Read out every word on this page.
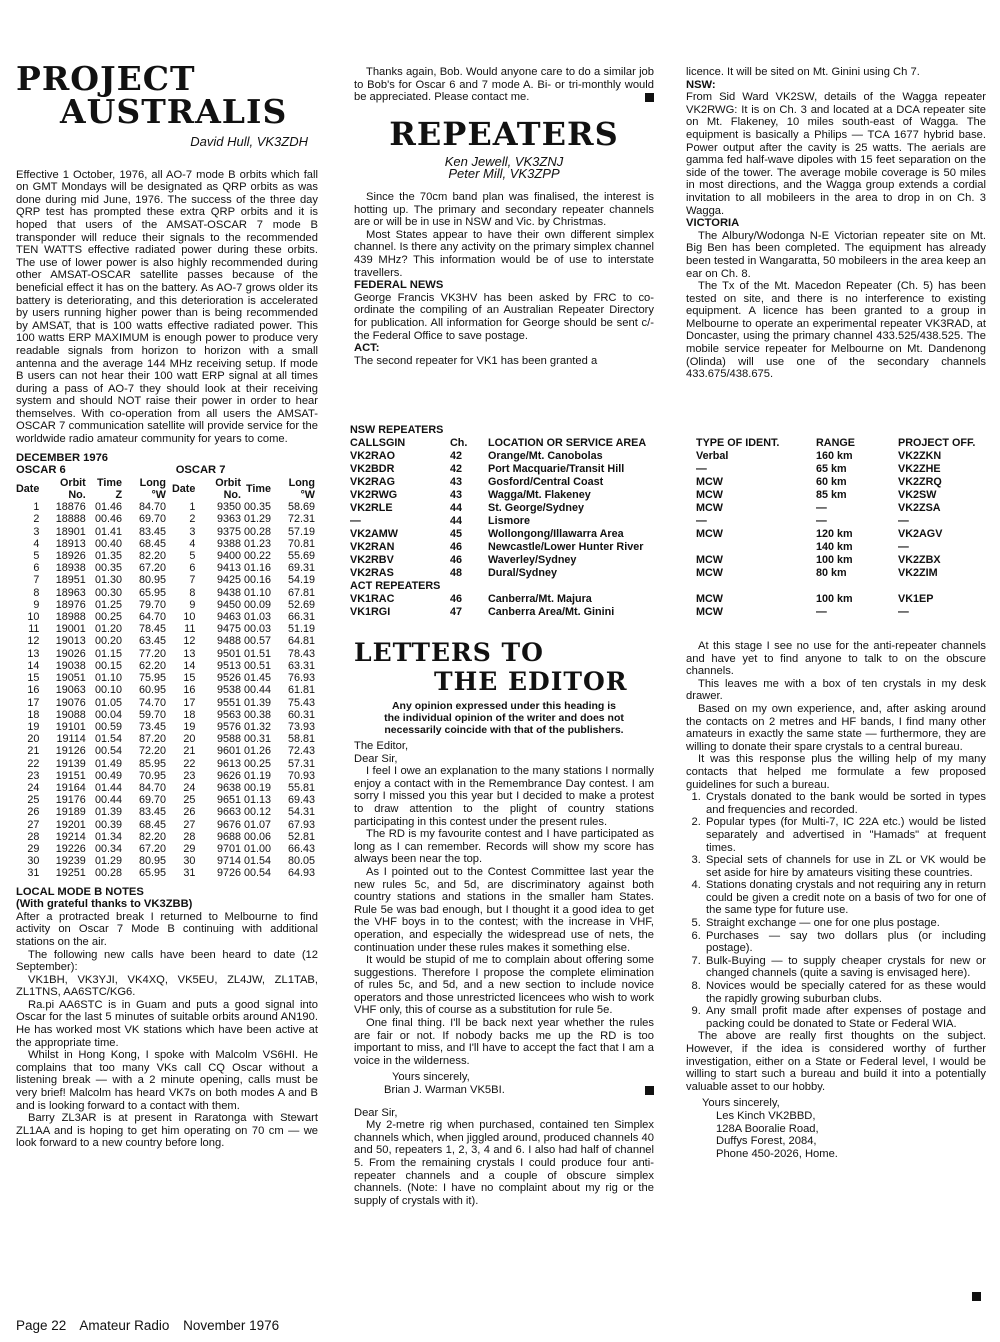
PROJECT
AUSTRALIS
David Hull, VK3ZDH

Effective 1 October, 1976, all AO-7 mode B orbits which fall on GMT Mondays will be designated as QRP orbits as was done during mid June, 1976. The success of the three day QRP test has prompted these extra QRP orbits and it is hoped that users of the AMSAT-OSCAR 7 mode B transponder will reduce their signals to the recommended TEN WATTS effective radiated power during these orbits. The use of lower power is also highly recommended during other AMSAT-OSCAR satellite passes because of the beneficial effect it has on the battery. As AO-7 grows older its battery is deteriorating, and this deterioration is accelerated by users running higher power than is being recommended by AMSAT, that is 100 watts effective radiated power. This 100 watts ERP MAXIMUM is enough power to produce very readable signals from horizon to horizon with a small antenna and the average 144 MHz receiving setup. If mode B users can not hear their 100 watt ERP signal at all times during a pass of AO-7 they should look at their receiving system and should NOT raise their power in order to hear themselves. With co-operation from all users the AMSAT-OSCAR 7 communication satellite will provide service for the worldwide radio amateur community for years to come.

DECEMBER 1976
OSCAR 6	OSCAR 7
Date	Orbit No.	Time Z	Long °W		Date	Orbit No.	Time	Long °W
1	18876	01.46	84.70		1	9350	00.35	58.69
2	18888	00.46	69.70		2	9363	01.29	72.31
3	18901	01.41	83.45		3	9375	00.28	57.19
4	18913	00.40	68.45		4	9388	01.23	70.81
5	18926	01.35	82.20		5	9400	00.22	55.69
6	18938	00.35	67.20		6	9413	01.16	69.31
7	18951	01.30	80.95		7	9425	00.16	54.19
8	18963	00.30	65.95		8	9438	01.10	67.81
9	18976	01.25	79.70		9	9450	00.09	52.69
10	18988	00.25	64.70		10	9463	01.03	66.31
11	19001	01.20	78.45		11	9475	00.03	51.19
12	19013	00.20	63.45		12	9488	00.57	64.81
13	19026	01.15	77.20		13	9501	01.51	78.43
14	19038	00.15	62.20		14	9513	00.51	63.31
15	19051	01.10	75.95		15	9526	01.45	76.93
16	19063	00.10	60.95		16	9538	00.44	61.81
17	19076	01.05	74.70		17	9551	01.39	75.43
18	19088	00.04	59.70		18	9563	00.38	60.31
19	19101	00.59	73.45		19	9576	01.32	73.93
20	19114	01.54	87.20		20	9588	00.31	58.81
21	19126	00.54	72.20		21	9601	01.26	72.43
22	19139	01.49	85.95		22	9613	00.25	57.31
23	19151	00.49	70.95		23	9626	01.19	70.93
24	19164	01.44	84.70		24	9638	00.19	55.81
25	19176	00.44	69.70		25	9651	01.13	69.43
26	19189	01.39	83.45		26	9663	00.12	54.31
27	19201	00.39	68.45		27	9676	01.07	67.93
28	19214	01.34	82.20		28	9688	00.06	52.81
29	19226	00.34	67.20		29	9701	01.00	66.43
30	19239	01.29	80.95		30	9714	01.54	80.05
31	19251	00.28	65.95		31	9726	00.54	64.93
LOCAL MODE B NOTES
(With grateful thanks to VK3ZBB)

After a protracted break I returned to Melbourne to find activity on Oscar 7 Mode B continuing with additional stations on the air.

The following new calls have been heard to date (12 September):

VK1BH, VK3YJI, VK4XQ, VK5EU, ZL4JW, ZL1TAB, ZL1TNS, AA6STC/KG6.

Ra.pi AA6STC is in Guam and puts a good signal into Oscar for the last 5 minutes of suitable orbits around AN190. He has worked most VK stations which have been active at the appropriate time.

Whilst in Hong Kong, I spoke with Malcolm VS6HI. He complains that too many VKs call CQ Oscar without a listening break — with a 2 minute opening, calls must be very brief! Malcolm has heard VK7s on both modes A and B and is looking forward to a contact with them.

Barry ZL3AR is at present in Raratonga with Stewart ZL1AA and is hoping to get him operating on 70 cm — we look forward to a new country before long.

Thanks again, Bob. Would anyone care to do a similar job to Bob's for Oscar 6 and 7 mode A. Bi- or tri-monthly would be appreciated. Please contact me.

REPEATERS
Ken Jewell, VK3ZNJ
Peter Mill, VK3ZPP

Since the 70cm band plan was finalised, the interest is hotting up. The primary and secondary repeater channels are or will be in use in NSW and Vic. by Christmas.

Most States appear to have their own different simplex channel. Is there any activity on the primary simplex channel 439 MHz? This information would be of use to interstate travellers.

FEDERAL NEWS

George Francis VK3HV has been asked by FRC to co-ordinate the compiling of an Australian Repeater Directory for publication. All information for George should be sent c/- the Federal Office to save postage.

ACT:

The second repeater for VK1 has been granted a

licence. It will be sited on Mt. Ginini using Ch 7.

NSW:

From Sid Ward VK2SW, details of the Wagga repeater VK2RWG: It is on Ch. 3 and located at a DCA repeater site on Mt. Flakeney, 10 miles south-east of Wagga. The equipment is basically a Philips — TCA 1677 hybrid base. Power output after the cavity is 25 watts. The aerials are gamma fed half-wave dipoles with 15 feet separation on the side of the tower. The average mobile coverage is 50 miles in most directions, and the Wagga group extends a cordial invitation to all mobileers in the area to drop in on Ch. 3 Wagga.

VICTORIA

The Albury/Wodonga N-E Victorian repeater site on Mt. Big Ben has been completed. The equipment has already been tested in Wangaratta, 50 mobileers in the area keep an ear on Ch. 8.

The Tx of the Mt. Macedon Repeater (Ch. 5) has been tested on site, and there is no interference to existing equipment. A licence has been granted to a group in Melbourne to operate an experimental repeater VK3RAD, at Doncaster, using the primary channel 433.525/438.525. The mobile service repeater for Melbourne on Mt. Dandenong (Olinda) will use one of the secondary channels 433.675/438.675.

NSW REPEATERS
CALLSGIN	Ch.	LOCATION OR SERVICE AREA	TYPE OF IDENT.	RANGE	PROJECT OFF.
VK2RAO	42	Orange/Mt. Canobolas	Verbal	160 km	VK2ZKN
VK2BDR	42	Port Macquarie/Transit Hill	—	65 km	VK2ZHE
VK2RAG	43	Gosford/Central Coast	MCW	60 km	VK2ZRQ
VK2RWG	43	Wagga/Mt. Flakeney	MCW	85 km	VK2SW
VK2RLE	44	St. George/Sydney	MCW	—	VK2ZSA
—	44	Lismore	—	—	—
VK2AMW	45	Wollongong/Illawarra Area	MCW	120 km	VK2AGV
VK2RAN	46	Newcastle/Lower Hunter River		140 km	—
VK2RBV	46	Waverley/Sydney	MCW	100 km	VK2ZBX
VK2RAS	48	Dural/Sydney	MCW	80 km	VK2ZIM
ACT REPEATERS					
VK1RAC	46	Canberra/Mt. Majura	MCW	100 km	VK1EP
VK1RGI	47	Canberra Area/Mt. Ginini	MCW	—	—
LETTERS TO
THE EDITOR
Any opinion expressed under this heading is the individual opinion of the writer and does not necessarily coincide with that of the publishers.
The Editor,
Dear Sir,

I feel I owe an explanation to the many stations I normally enjoy a contact with in the Remembrance Day contest. I am sorry I missed you this year but I decided to make a protest to draw attention to the plight of country stations participating in this contest under the present rules.

The RD is my favourite contest and I have participated as long as I can remember. Records will show my score has always been near the top.

As I pointed out to the Contest Committee last year the new rules 5c, and 5d, are discriminatory against both country stations and stations in the smaller ham States. Rule 5e was bad enough, but I thought it a good idea to get the VHF boys in to the contest; with the increase in VHF, operation, and especially the widespread use of nets, the continuation under these rules makes it something else.

It would be stupid of me to complain about offering some suggestions. Therefore I propose the complete elimination of rules 5c, and 5d, and a new section to include novice operators and those unrestricted licencees who wish to work VHF only, this of course as a substitution for rule 5e.

One final thing. I'll be back next year whether the rules are fair or not. If nobody backs me up the RD is too important to miss, and I'll have to accept the fact that I am a voice in the wilderness.

Yours sincerely,
Brian J. Warman VK5BI.
Dear Sir,

My 2-metre rig when purchased, contained ten Simplex channels which, when jiggled around, produced channels 40 and 50, repeaters 1, 2, 3, 4 and 6. I also had half of channel 5. From the remaining crystals I could produce four anti-repeater channels and a couple of obscure simplex channels. (Note: I have no complaint about my rig or the supply of crystals with it).

At this stage I see no use for the anti-repeater channels and have yet to find anyone to talk to on the obscure channels.

This leaves me with a box of ten crystals in my desk drawer.

Based on my own experience, and, after asking around the contacts on 2 metres and HF bands, I find many other amateurs in exactly the same state — furthermore, they are willing to donate their spare crystals to a central bureau.

It was this response plus the willing help of my many contacts that helped me formulate a few proposed guidelines for such a bureau.

1. Crystals donated to the bank would be sorted in types and frequencies and recorded.
2. Popular types (for Multi-7, IC 22A etc.) would be listed separately and advertised in "Hamads" at frequent times.
3. Special sets of channels for use in ZL or VK would be set aside for hire by amateurs visiting these countries.
4. Stations donating crystals and not requiring any in return could be given a credit note on a basis of two for one of the same type for future use.
5. Straight exchange — one for one plus postage.
6. Purchases — say two dollars plus (or including postage).
7. Bulk-Buying — to supply cheaper crystals for new or changed channels (quite a saving is envisaged here).
8. Novices would be specially catered for as these would the rapidly growing suburban clubs.
9. Any small profit made after expenses of postage and packing could be donated to State or Federal WIA.

The above are really first thoughts on the subject. However, if the idea is considered worthy of further investigation, either on a State or Federal level, I would be willing to start such a bureau and build it into a potentially valuable asset to our hobby.

Yours sincerely,
Les Kinch VK2BBD,
128A Booralie Road,
Duffys Forest, 2084,
Phone 450-2026, Home.
Page 22 Amateur Radio November 1976
